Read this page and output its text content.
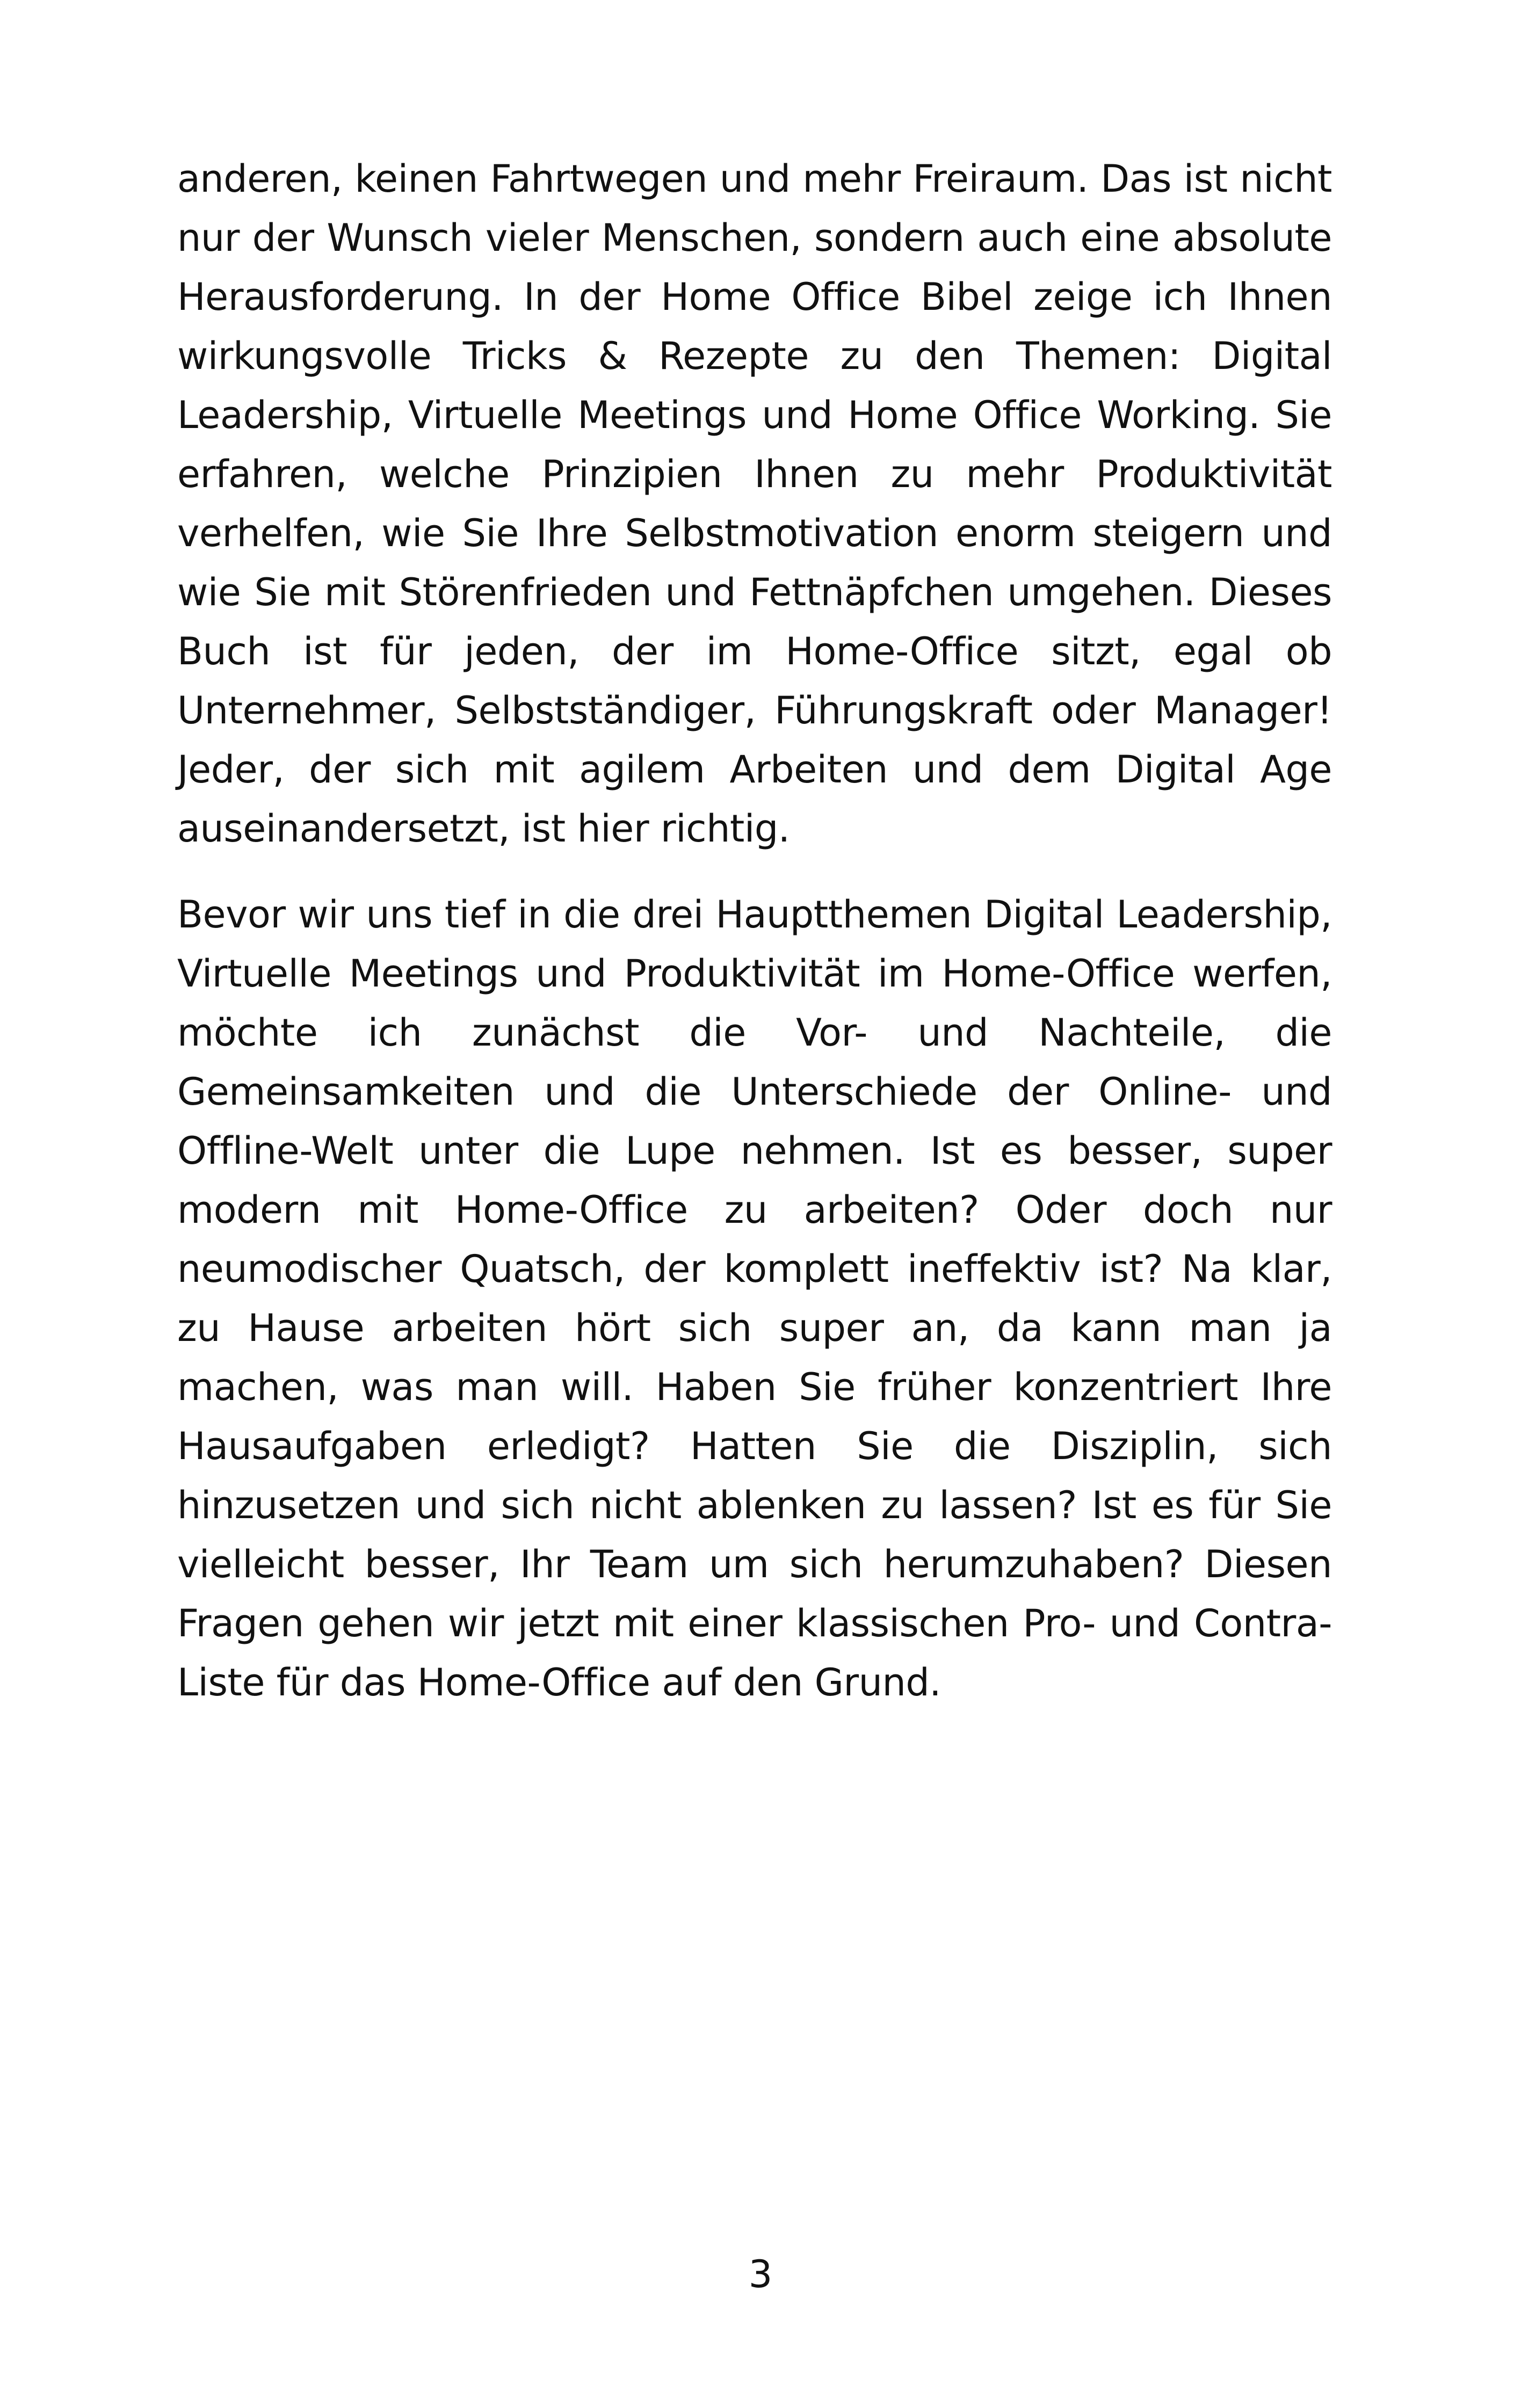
anderen, keinen Fahrtwegen und mehr Freiraum. Das ist nicht nur der Wunsch vieler Menschen, sondern auch eine absolute Herausforderung. In der Home Office Bibel zeige ich Ihnen wirkungsvolle Tricks & Rezepte zu den Themen: Digital Leadership, Virtuelle Meetings und Home Office Working. Sie erfahren, welche Prinzipien Ihnen zu mehr Produktivität verhelfen, wie Sie Ihre Selbstmotivation enorm steigern und wie Sie mit Störenfrieden und Fettnäpfchen umgehen. Dieses Buch ist für jeden, der im Home-Office sitzt, egal ob Unternehmer, Selbstständiger, Führungskraft oder Manager! Jeder, der sich mit agilem Arbeiten und dem Digital Age auseinandersetzt, ist hier richtig.

Bevor wir uns tief in die drei Hauptthemen Digital Leadership, Virtuelle Meetings und Produktivität im Home-Office werfen, möchte ich zunächst die Vor- und Nachteile, die Gemeinsamkeiten und die Unterschiede der Online- und Offline-Welt unter die Lupe nehmen. Ist es besser, super modern mit Home-Office zu arbeiten? Oder doch nur neumodischer Quatsch, der komplett ineffektiv ist? Na klar, zu Hause arbeiten hört sich super an, da kann man ja machen, was man will. Haben Sie früher konzentriert Ihre Hausaufgaben erledigt? Hatten Sie die Disziplin, sich hinzusetzen und sich nicht ablenken zu lassen? Ist es für Sie vielleicht besser, Ihr Team um sich herumzuhaben? Diesen Fragen gehen wir jetzt mit einer klassischen Pro- und Contra-Liste für das Home-Office auf den Grund.

3
